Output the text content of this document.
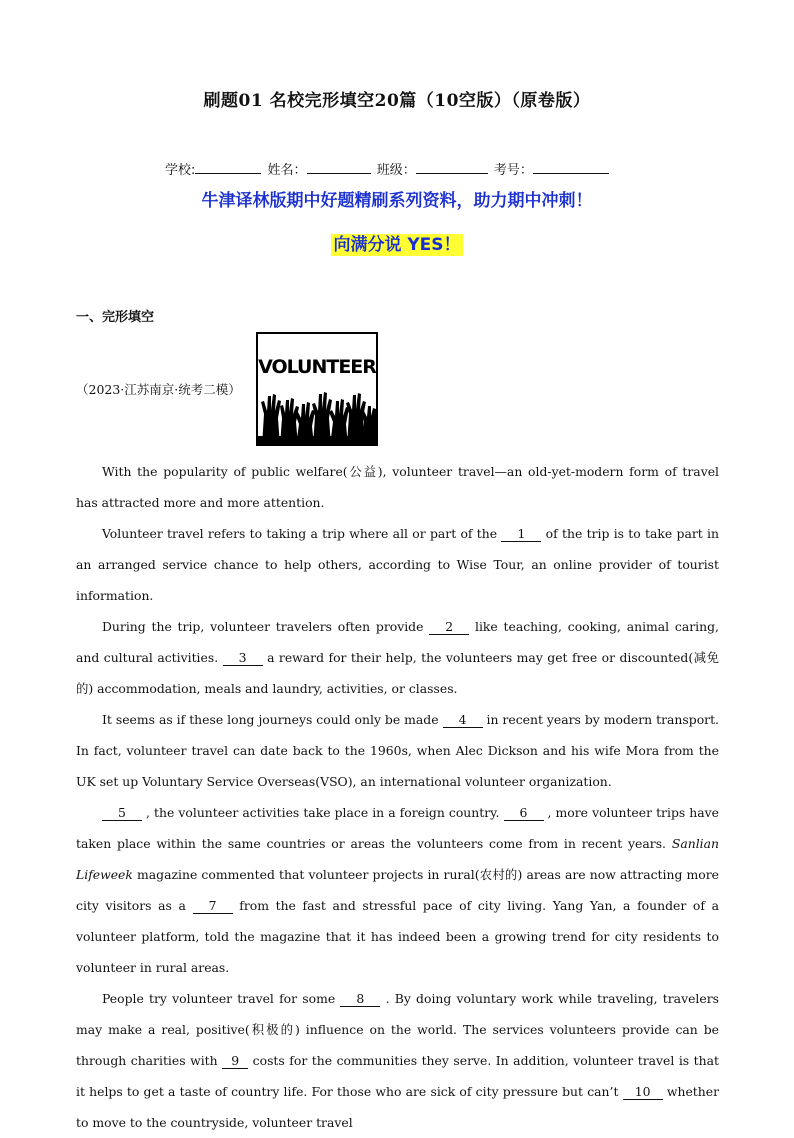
刷题01 名校完形填空20篇（10空版）（原卷版）
学校:	姓名：	班级：	考号：
牛津译林版期中好题精刷系列资料，助力期中冲刺！
向满分说 YES！
一、完形填空
（2023·江苏南京·统考二模）
VOLUNTEER

With the popularity of public welfare(公益), volunteer travel—an old-yet-modern form of travel has attracted more and more attention.

Volunteer travel refers to taking a trip where all or part of the 1 of the trip is to take part in an arranged service chance to help others, according to Wise Tour, an online provider of tourist information.

During the trip, volunteer travelers often provide 2 like teaching, cooking, animal caring, and cultural activities. 3 a reward for their help, the volunteers may get free or discounted(减免的) accommodation, meals and laundry, activities, or classes.

It seems as if these long journeys could only be made 4 in recent years by modern transport. In fact, volunteer travel can date back to the 1960s, when Alec Dickson and his wife Mora from the UK set up Voluntary Service Overseas(VSO), an international volunteer organization.

5 , the volunteer activities take place in a foreign country. 6 , more volunteer trips have taken place within the same countries or areas the volunteers come from in recent years. Sanlian Lifeweek magazine commented that volunteer projects in rural(农村的) areas are now attracting more city visitors as a 7 from the fast and stressful pace of city living. Yang Yan, a founder of a volunteer platform, told the magazine that it has indeed been a growing trend for city residents to volunteer in rural areas.

People try volunteer travel for some 8 . By doing voluntary work while traveling, travelers may make a real, positive(积极的) influence on the world. The services volunteers provide can be through charities with 9 costs for the communities they serve. In addition, volunteer travel is that it helps to get a taste of country life. For those who are sick of city pressure but can’t 10 whether to move to the countryside, volunteer travel
